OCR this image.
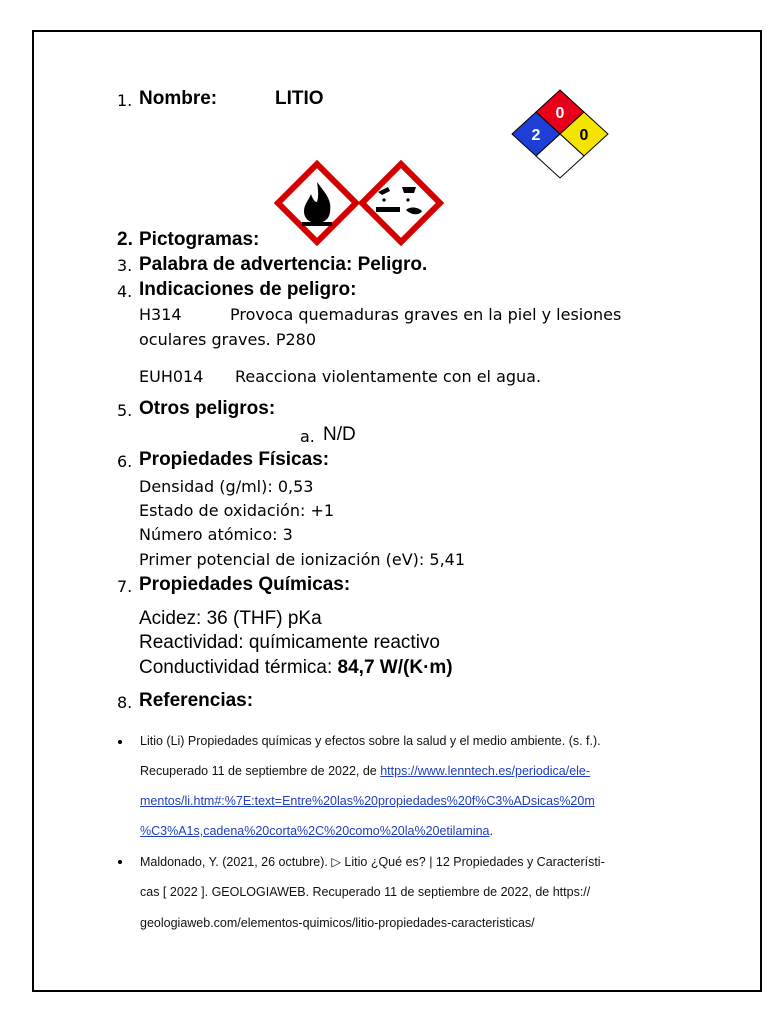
1. Nombre:	LITIO
0
2 0
2. Pictogramas:
3. Palabra de advertencia: Peligro.
4. Indicaciones de peligro:
H314	Provoca quemaduras graves en la piel y lesiones
oculares graves. P280
EUH014 Reacciona violentamente con el agua.
5. Otros peligros:
a. N/D
6. Propiedades Físicas:
Densidad (g/ml): 0,53
Estado de oxidación: +1
Número atómico: 3
Primer potencial de ionización (eV): 5,41
7. Propiedades Químicas:
Acidez: 36 (THF) pKa
Reactividad: químicamente reactivo
Conductividad térmica: 84,7 W/(K·m)
8. Referencias:
Litio (Li) Propiedades químicas y efectos sobre la salud y el medio ambiente. (s. f.).
Recuperado 11 de septiembre de 2022, de https://www.lenntech.es/periodica/ele-
mentos/li.htm#:%7E:text=Entre%20las%20propiedades%20f%C3%ADsicas%20m
%C3%A1s,cadena%20corta%2C%20como%20la%20etilamina.
Maldonado, Y. (2021, 26 octubre). ▷ Litio ¿Qué es? | 12 Propiedades y Característi-
cas [ 2022 ]. GEOLOGIAWEB. Recuperado 11 de septiembre de 2022, de https://
geologiaweb.com/elementos-quimicos/litio-propiedades-caracteristicas/
